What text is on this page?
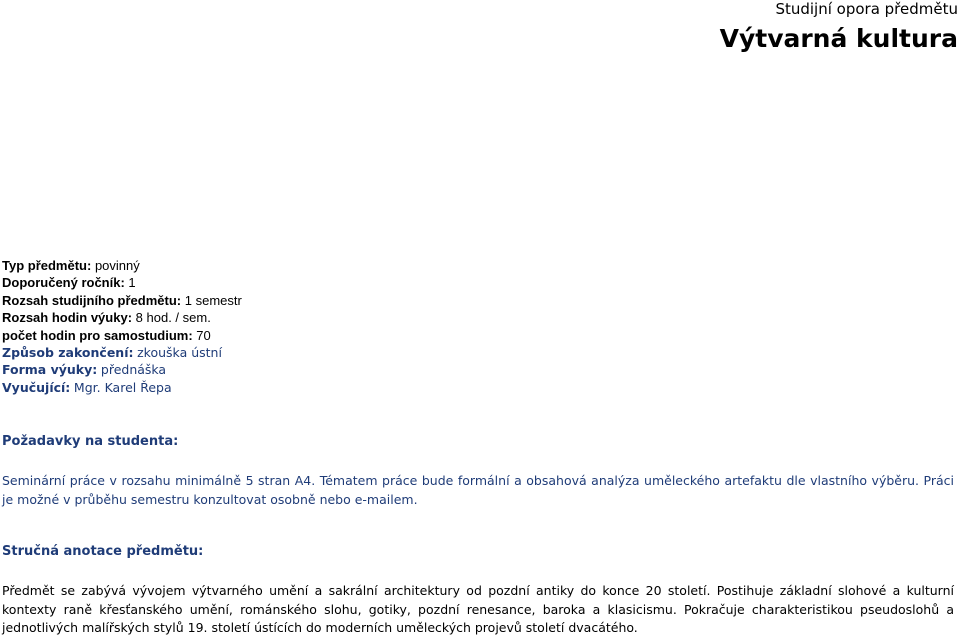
Studijní opora předmětu
Výtvarná kultura
Typ předmětu: povinný
Doporučený ročník: 1
Rozsah studijního předmětu: 1 semestr
Rozsah hodin výuky: 8 hod. / sem.
počet hodin pro samostudium: 70
Způsob zakončení: zkouška ústní
Forma výuky: přednáška
Vyučující: Mgr. Karel Řepa
Požadavky na studenta:
Seminární práce v rozsahu minimálně 5 stran A4. Tématem práce bude formální a obsahová analýza uměleckého artefaktu dle vlastního výběru. Práci je možné v průběhu semestru konzultovat osobně nebo e-mailem.
Stručná anotace předmětu:
Předmět se zabývá vývojem výtvarného umění a sakrální architektury od pozdní antiky do konce 20 století. Postihuje základní slohové a kulturní kontexty raně křesťanského umění, románského slohu, gotiky, pozdní renesance, baroka a klasicismu. Pokračuje charakteristikou pseudoslohů a jednotlivých malířských stylů 19. století ústících do moderních uměleckých projevů století dvacátého.
